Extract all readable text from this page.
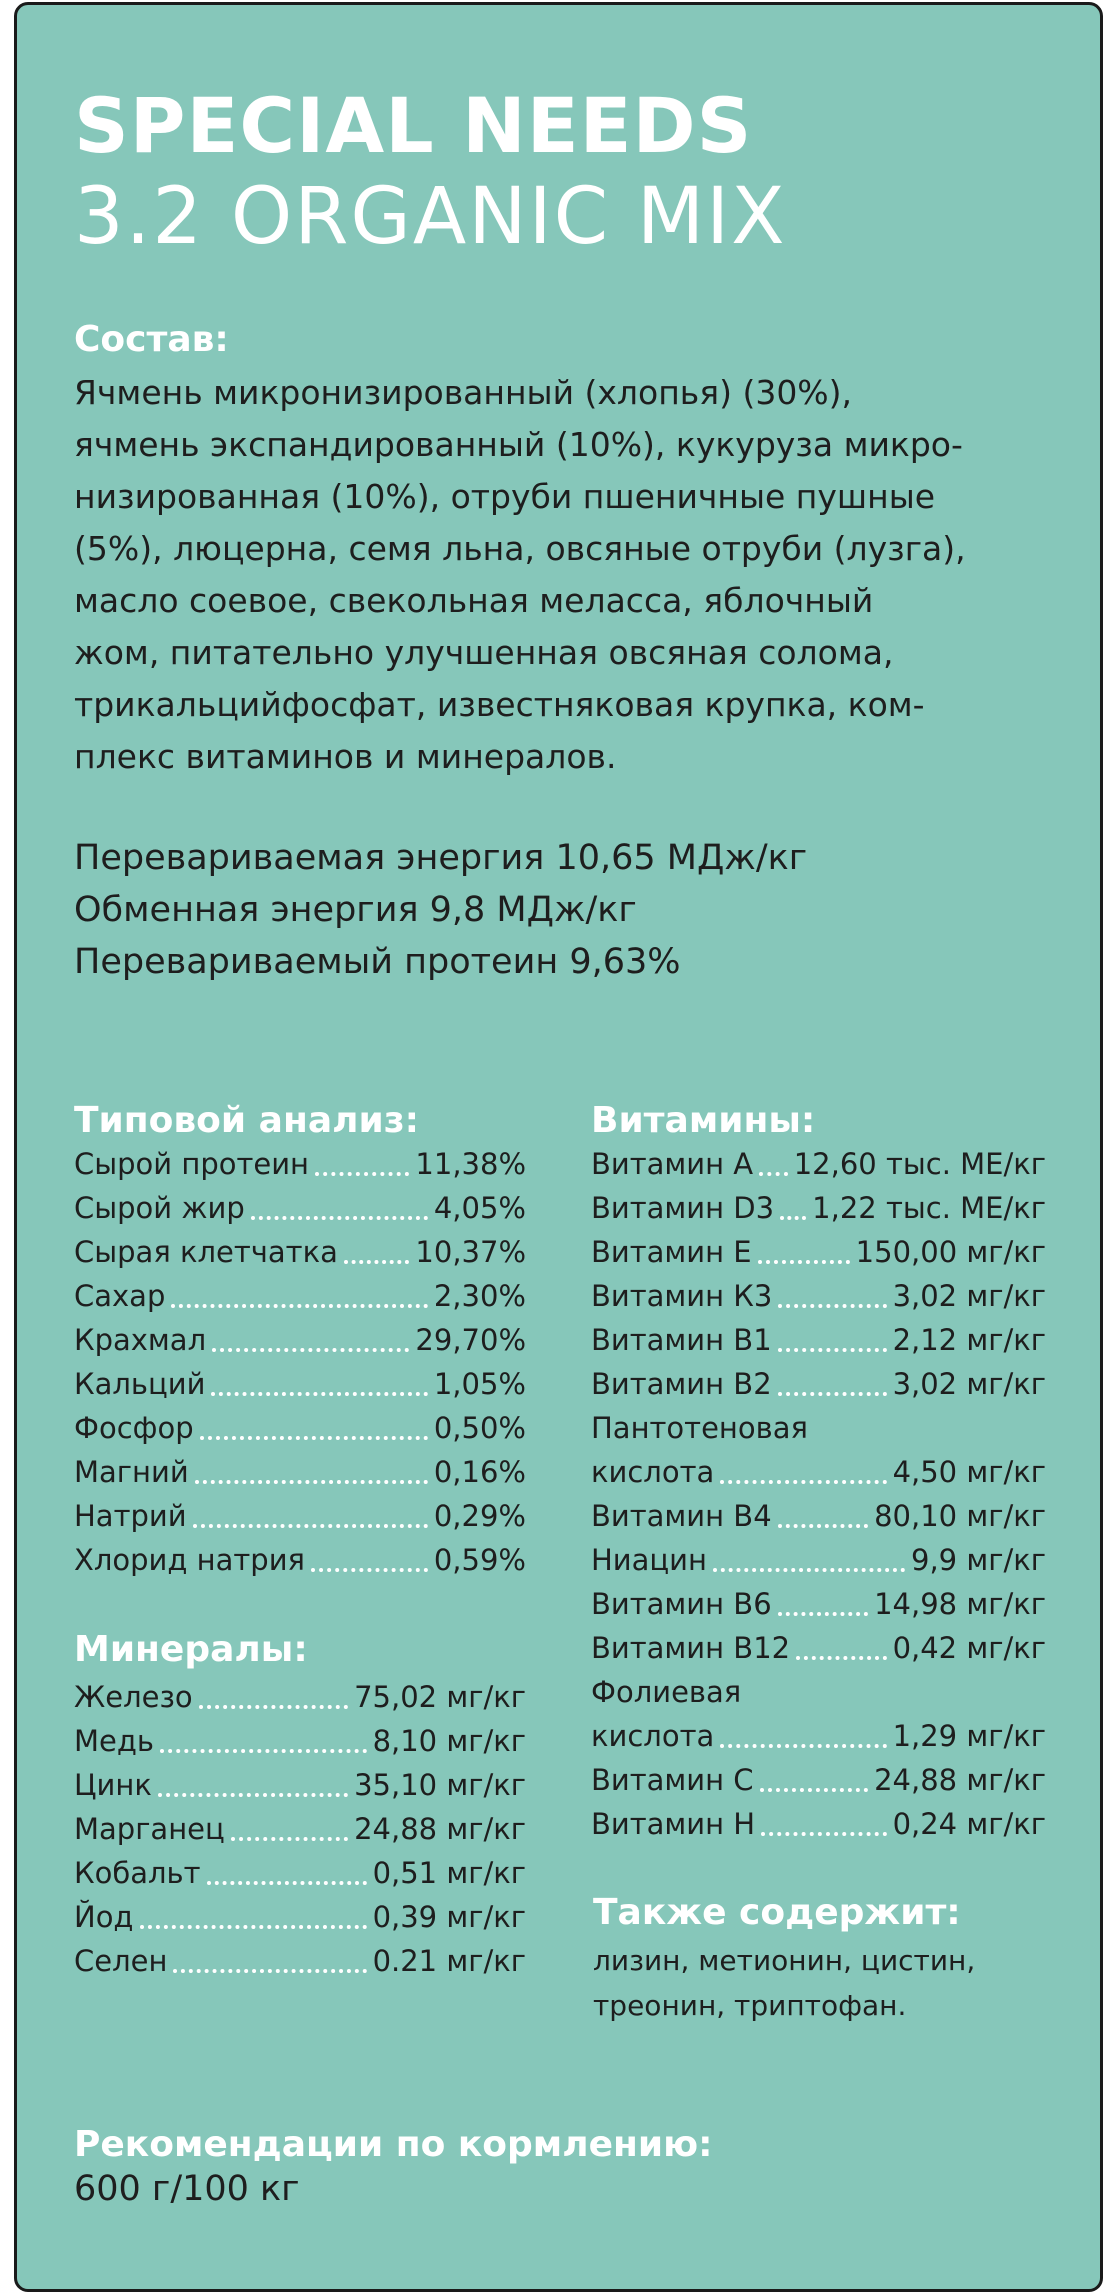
SPECIAL NEEDS
3.2 ORGANIC MIX
Состав:
Ячмень микронизированный (хлопья) (30%),
ячмень экспандированный (10%), кукуруза микро-
низированная (10%), отруби пшеничные пушные
(5%), люцерна, семя льна, овсяные отруби (лузга),
масло соевое, свекольная меласса, яблочный
жом, питательно улучшенная овсяная солома,
трикальцийфосфат, известняковая крупка, ком-
плекс витаминов и минералов.
Перевариваемая энергия 10,65 МДж/кг
Обменная энергия 9,8 МДж/кг
Перевариваемый протеин 9,63%
Типовой анализ:
Сырой протеин	11,38%
Сырой жир	4,05%
Сырая клетчатка	10,37%
Сахар	2,30%
Крахмал	29,70%
Кальций	1,05%
Фосфор	0,50%
Магний	0,16%
Натрий	0,29%
Хлорид натрия	0,59%
Минералы:
Железо	75,02 мг/кг
Медь	8,10 мг/кг
Цинк	35,10 мг/кг
Марганец	24,88 мг/кг
Кобальт	0,51 мг/кг
Йод	0,39 мг/кг
Селен	0.21 мг/кг
Витамины:
Витамин А 12,60 тыс. МЕ/кг
Витамин D3 1,22 тыс. МЕ/кг
Витамин Е	150,00 мг/кг
Витамин К3	3,02 мг/кг
Витамин В1	2,12 мг/кг
Витамин В2	3,02 мг/кг
Пантотеновая
кислота	4,50 мг/кг
Витамин В4	80,10 мг/кг
Ниацин	9,9 мг/кг
Витамин В6	14,98 мг/кг
Витамин В12	0,42 мг/кг
Фолиевая
кислота	1,29 мг/кг
Витамин С	24,88 мг/кг
Витамин Н	0,24 мг/кг
Также содержит:
лизин, метионин, цистин,
треонин, триптофан.
Рекомендации по кормлению:
600 г/100 кг
